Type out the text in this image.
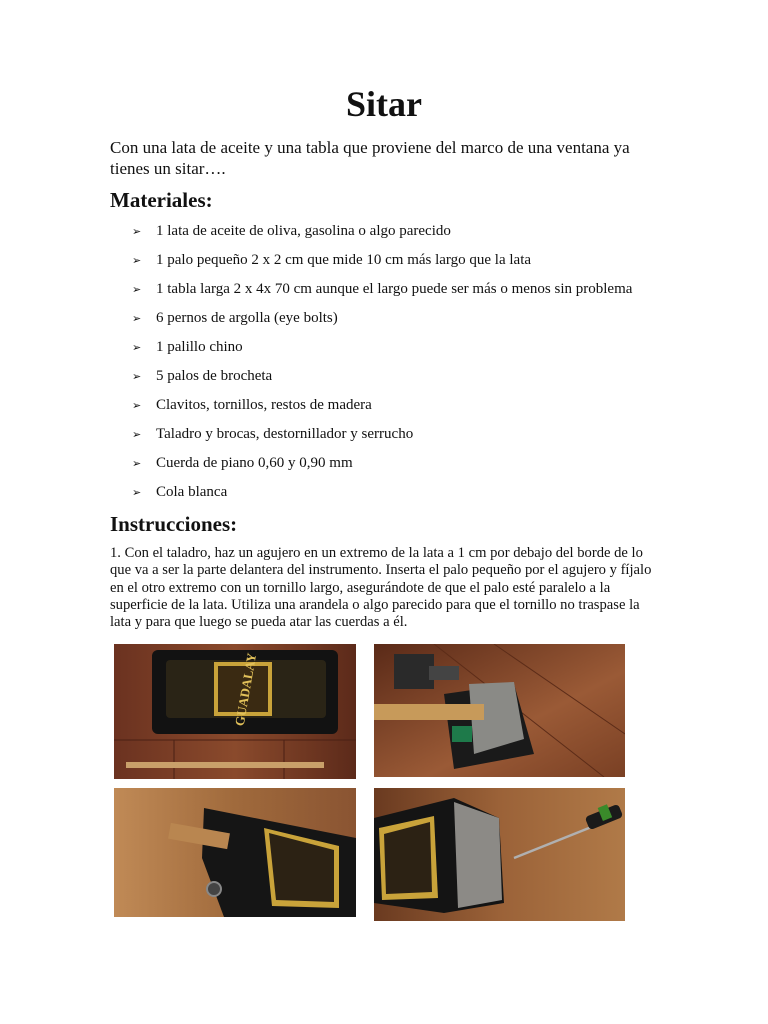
Sitar
Con una lata de aceite y una tabla que proviene del marco de una ventana ya tienes un sitar….
Materiales:
➢ 1 lata de aceite de oliva, gasolina o algo parecido
➢ 1 palo pequeño 2 x 2 cm que mide 10 cm más largo que la lata
➢ 1 tabla larga 2 x 4x 70 cm aunque el largo puede ser más o menos sin problema
➢ 6 pernos de argolla (eye bolts)
➢ 1 palillo chino
➢ 5 palos de brocheta
➢ Clavitos, tornillos, restos de madera
➢ Taladro y brocas, destornillador y serrucho
➢ Cuerda de piano 0,60 y 0,90 mm
➢ Cola blanca
Instrucciones:
1. Con el taladro, haz un agujero en un extremo de la lata a 1 cm por debajo del borde de lo que va a ser la parte delantera del instrumento. Inserta el palo pequeño por el agujero y fíjalo en el otro extremo con un tornillo largo, asegurándote de que el palo esté paralelo a la superficie de la lata. Utiliza una arandela o algo parecido para que el tornillo no traspase la lata y para que luego se pueda atar las cuerdas a él.
GUADALAY
